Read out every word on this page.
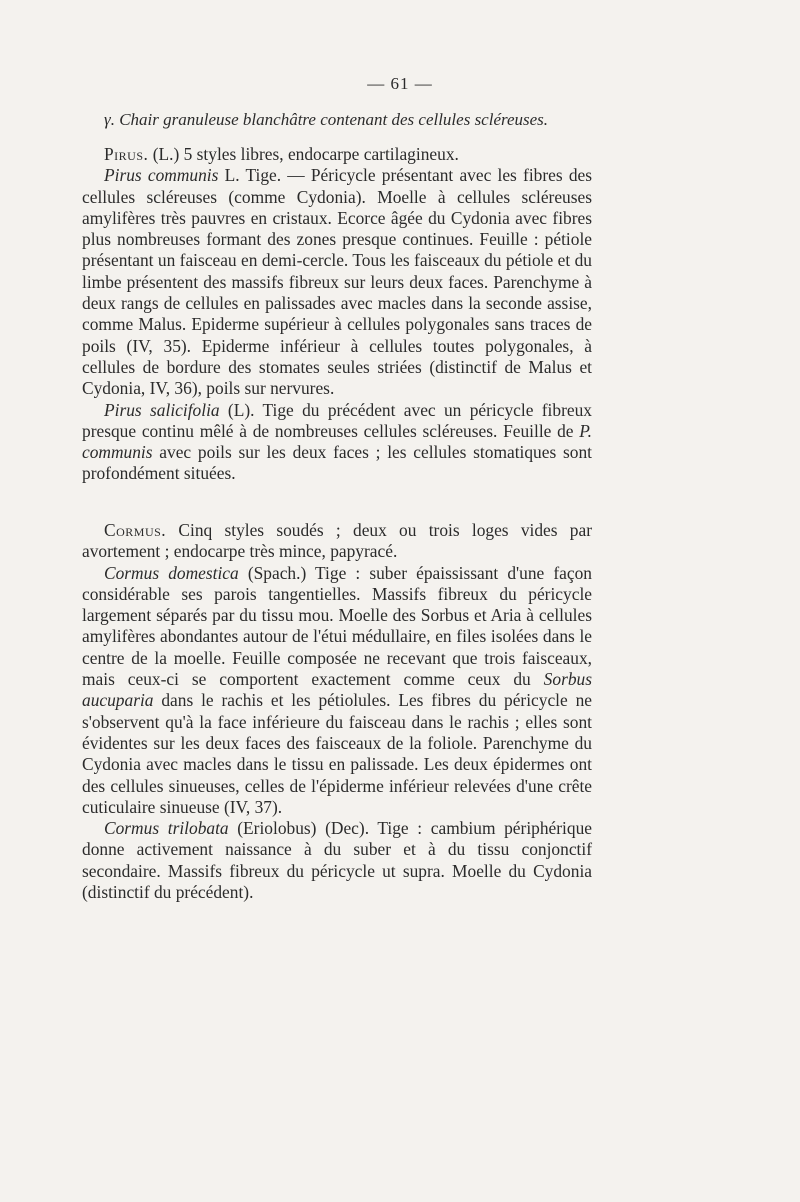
— 61 —
γ. Chair granuleuse blanchâtre contenant des cellules scléreuses.

Pirus. (L.) 5 styles libres, endocarpe cartilagineux.

Pirus communis L. Tige. — Péricycle présentant avec les fibres des cellules scléreuses (comme Cydonia). Moelle à cellules scléreuses amylifères très pauvres en cristaux. Ecorce âgée du Cydonia avec fibres plus nombreuses formant des zones presque continues. Feuille : pétiole présentant un faisceau en demi-cercle. Tous les faisceaux du pétiole et du limbe présentent des massifs fibreux sur leurs deux faces. Parenchyme à deux rangs de cellules en palissades avec macles dans la seconde assise, comme Malus. Epiderme supérieur à cellules polygonales sans traces de poils (IV, 35). Epiderme inférieur à cellules toutes polygonales, à cellules de bordure des stomates seules striées (distinctif de Malus et Cydonia, IV, 36), poils sur nervures.

Pirus salicifolia (L). Tige du précédent avec un péricycle fibreux presque continu mêlé à de nombreuses cellules scléreuses. Feuille de P. communis avec poils sur les deux faces ; les cellules stomatiques sont profondément situées.

Cormus. Cinq styles soudés ; deux ou trois loges vides par avortement ; endocarpe très mince, papyracé.

Cormus domestica (Spach.) Tige : suber épaississant d'une façon considérable ses parois tangentielles. Massifs fibreux du péricycle largement séparés par du tissu mou. Moelle des Sorbus et Aria à cellules amylifères abondantes autour de l'étui médullaire, en files isolées dans le centre de la moelle. Feuille composée ne recevant que trois faisceaux, mais ceux-ci se comportent exactement comme ceux du Sorbus aucuparia dans le rachis et les pétiolules. Les fibres du péricycle ne s'observent qu'à la face inférieure du faisceau dans le rachis ; elles sont évidentes sur les deux faces des faisceaux de la foliole. Parenchyme du Cydonia avec macles dans le tissu en palissade. Les deux épidermes ont des cellules sinueuses, celles de l'épiderme inférieur relevées d'une crête cuticulaire sinueuse (IV, 37).

Cormus trilobata (Eriolobus) (Dec). Tige : cambium périphérique donne activement naissance à du suber et à du tissu conjonctif secondaire. Massifs fibreux du péricycle ut supra. Moelle du Cydonia (distinctif du précédent).
